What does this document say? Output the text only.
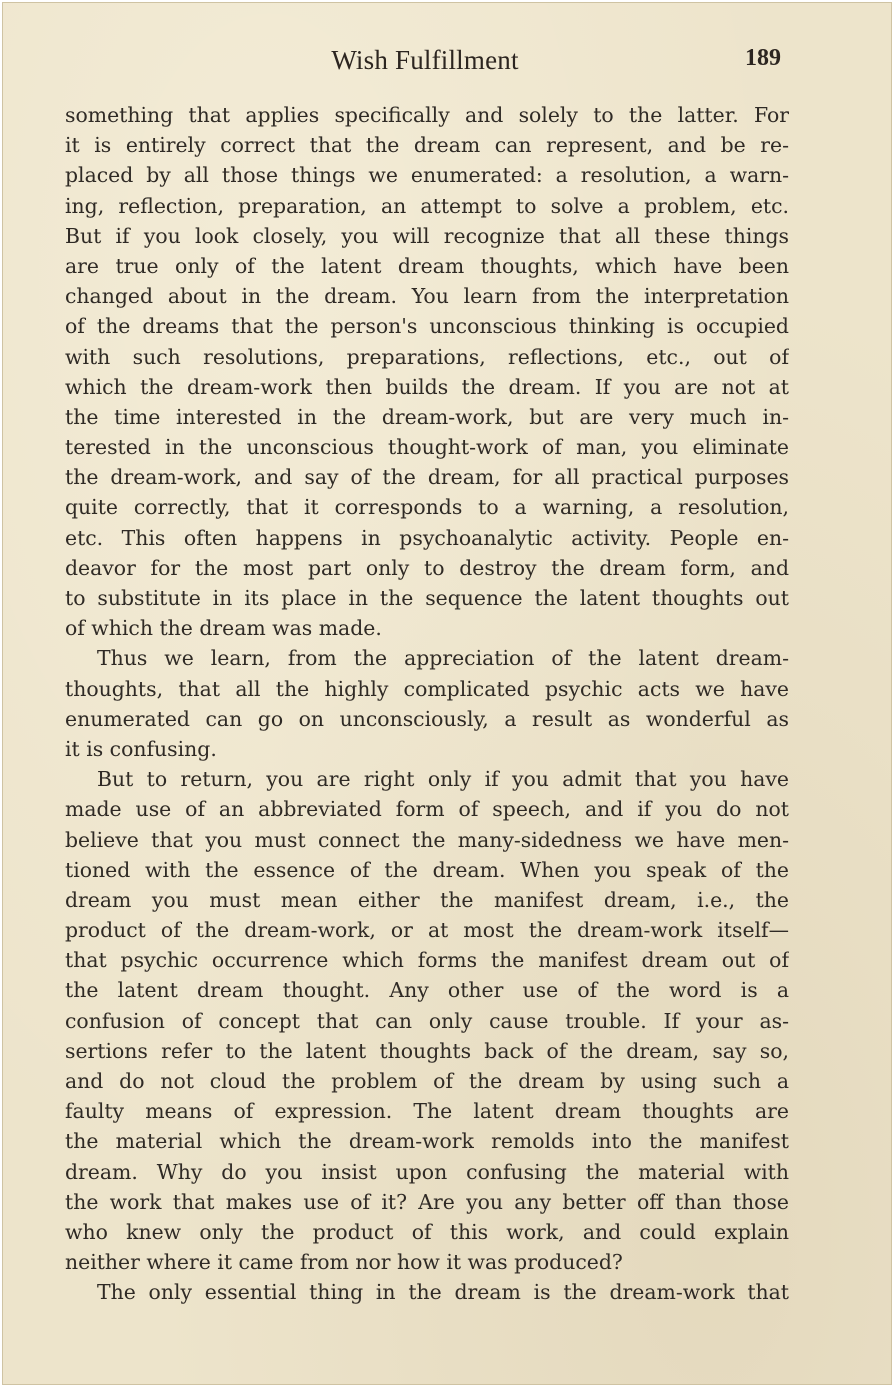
Wish Fulfillment	189
something that applies specifically and solely to the latter. For
it is entirely correct that the dream can represent, and be re-
placed by all those things we enumerated: a resolution, a warn-
ing, reflection, preparation, an attempt to solve a problem, etc.
But if you look closely, you will recognize that all these things
are true only of the latent dream thoughts, which have been
changed about in the dream. You learn from the interpretation
of the dreams that the person's unconscious thinking is occupied
with such resolutions, preparations, reflections, etc., out of
which the dream-work then builds the dream. If you are not at
the time interested in the dream-work, but are very much in-
terested in the unconscious thought-work of man, you eliminate
the dream-work, and say of the dream, for all practical purposes
quite correctly, that it corresponds to a warning, a resolution,
etc. This often happens in psychoanalytic activity. People en-
deavor for the most part only to destroy the dream form, and
to substitute in its place in the sequence the latent thoughts out
of which the dream was made.
Thus we learn, from the appreciation of the latent dream-
thoughts, that all the highly complicated psychic acts we have
enumerated can go on unconsciously, a result as wonderful as
it is confusing.
But to return, you are right only if you admit that you have
made use of an abbreviated form of speech, and if you do not
believe that you must connect the many-sidedness we have men-
tioned with the essence of the dream. When you speak of the
dream you must mean either the manifest dream, i.e., the
product of the dream-work, or at most the dream-work itself—
that psychic occurrence which forms the manifest dream out of
the latent dream thought. Any other use of the word is a
confusion of concept that can only cause trouble. If your as-
sertions refer to the latent thoughts back of the dream, say so,
and do not cloud the problem of the dream by using such a
faulty means of expression. The latent dream thoughts are
the material which the dream-work remolds into the manifest
dream. Why do you insist upon confusing the material with
the work that makes use of it? Are you any better off than those
who knew only the product of this work, and could explain
neither where it came from nor how it was produced?
The only essential thing in the dream is the dream-work that
